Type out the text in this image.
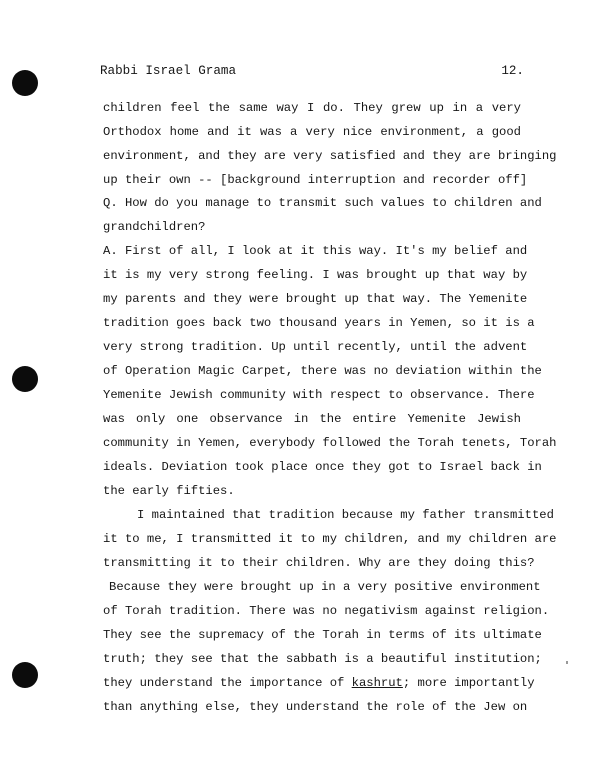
Rabbi Israel Grama	12.
children feel the same way I do. They grew up in a very
Orthodox home and it was a very nice environment, a good
environment, and they are very satisfied and they are bringing
up their own -- [background interruption and recorder off]
Q. How do you manage to transmit such values to children and
grandchildren?
A. First of all, I look at it this way. It's my belief and
it is my very strong feeling. I was brought up that way by
my parents and they were brought up that way. The Yemenite
tradition goes back two thousand years in Yemen, so it is a
very strong tradition. Up until recently, until the advent
of Operation Magic Carpet, there was no deviation within the
Yemenite Jewish community with respect to observance. There
was only one observance in the entire Yemenite Jewish
community in Yemen, everybody followed the Torah tenets, Torah
ideals. Deviation took place once they got to Israel back in
the early fifties.
I maintained that tradition because my father transmitted
it to me, I transmitted it to my children, and my children are
transmitting it to their children. Why are they doing this?
Because they were brought up in a very positive environment
of Torah tradition. There was no negativism against religion.
They see the supremacy of the Torah in terms of its ultimate
truth; they see that the sabbath is a beautiful institution;
they understand the importance of kashrut; more importantly
than anything else, they understand the role of the Jew on
